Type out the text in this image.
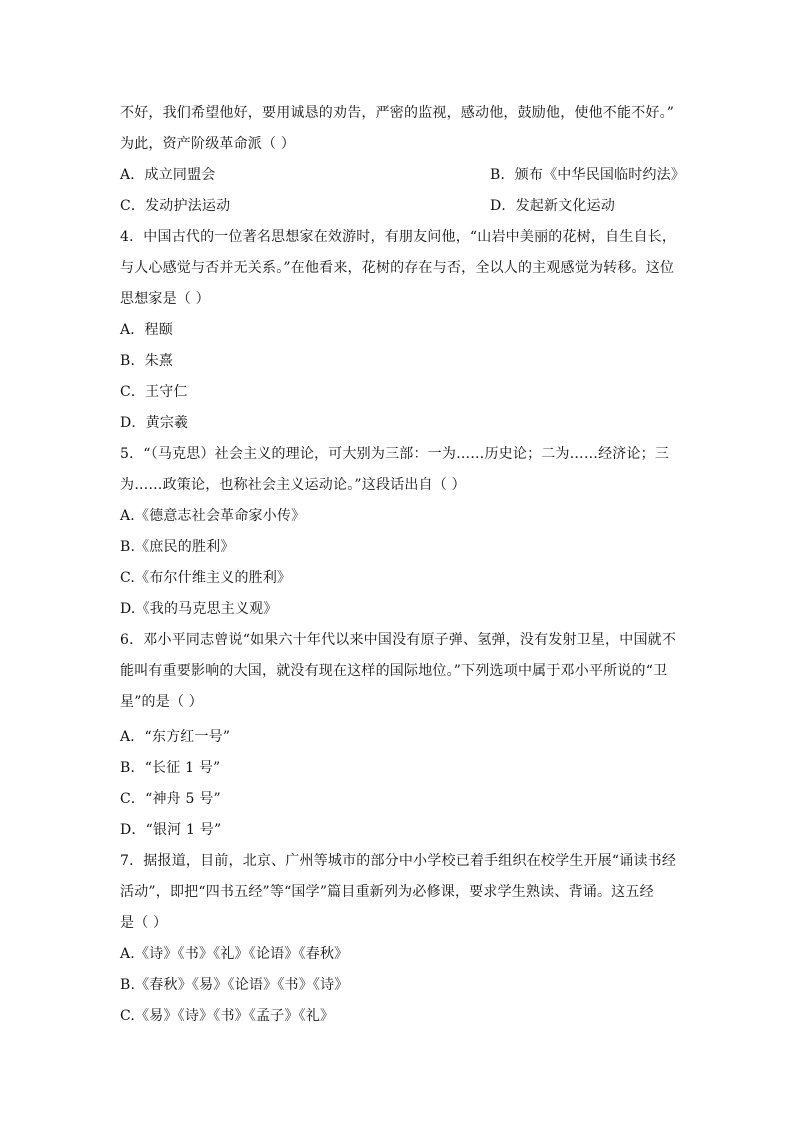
不好，我们希望他好，要用诚恳的劝告，严密的监视，感动他，鼓励他，使他不能不好。”
为此，资产阶级革命派（ ）
A．成立同盟会	B．颁布《中华民国临时约法》
C．发动护法运动	D．发起新文化运动
4．中国古代的一位著名思想家在效游时，有朋友问他，“山岩中美丽的花树，自生自长，
与人心感觉与否并无关系。”在他看来，花树的存在与否，全以人的主观感觉为转移。这位
思想家是（ ）
A．程颐
B．朱熹
C．王守仁
D．黄宗羲
5．“（马克思）社会主义的理论，可大别为三部：一为……历史论；二为……经济论；三
为……政策论，也称社会主义运动论。”这段话出自（ ）
A.《德意志社会革命家小传》
B.《庶民的胜利》
C.《布尔什维主义的胜利》
D.《我的马克思主义观》
6．邓小平同志曾说“如果六十年代以来中国没有原子弹、氢弹，没有发射卫星，中国就不
能叫有重要影响的大国，就没有现在这样的国际地位。”下列选项中属于邓小平所说的“卫
星”的是（ ）
A．“东方红一号”
B．“长征 1 号”
C．“神舟 5 号”
D．“银河 1 号”
7．据报道，目前，北京、广州等城市的部分中小学校已着手组织在校学生开展“诵读书经
活动”，即把“四书五经”等“国学”篇目重新列为必修课，要求学生熟读、背诵。这五经
是（ ）
A.《诗》《书》《礼》《论语》《春秋》
B.《春秋》《易》《论语》《书》《诗》
C.《易》《诗》《书》《孟子》《礼》
